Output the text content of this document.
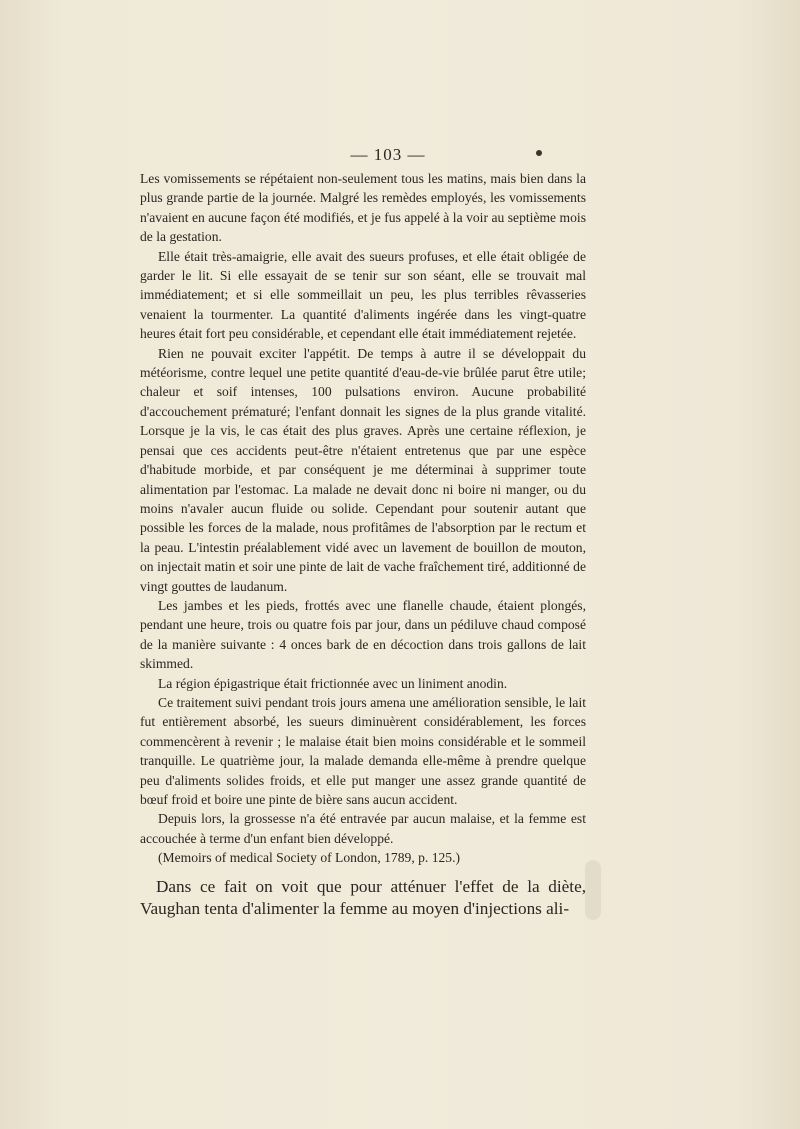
— 103 —

Les vomissements se répétaient non-seulement tous les matins, mais bien dans la plus grande partie de la journée. Malgré les remèdes employés, les vomissements n'avaient en aucune façon été modifiés, et je fus appelé à la voir au septième mois de la gestation.

Elle était très-amaigrie, elle avait des sueurs profuses, et elle était obligée de garder le lit. Si elle essayait de se tenir sur son séant, elle se trouvait mal immédiatement; et si elle sommeillait un peu, les plus terribles rêvasseries venaient la tourmenter. La quantité d'aliments ingérée dans les vingt-quatre heures était fort peu considérable, et cependant elle était immédiatement rejetée.

Rien ne pouvait exciter l'appétit. De temps à autre il se développait du météorisme, contre lequel une petite quantité d'eau-de-vie brûlée parut être utile; chaleur et soif intenses, 100 pulsations environ. Aucune probabilité d'accouchement prématuré; l'enfant donnait les signes de la plus grande vitalité. Lorsque je la vis, le cas était des plus graves. Après une certaine réflexion, je pensai que ces accidents peut-être n'étaient entretenus que par une espèce d'habitude morbide, et par conséquent je me déterminai à supprimer toute alimentation par l'estomac. La malade ne devait donc ni boire ni manger, ou du moins n'avaler aucun fluide ou solide. Cependant pour soutenir autant que possible les forces de la malade, nous profitâmes de l'absorption par le rectum et la peau. L'intestin préalablement vidé avec un lavement de bouillon de mouton, on injectait matin et soir une pinte de lait de vache fraîchement tiré, additionné de vingt gouttes de laudanum.

Les jambes et les pieds, frottés avec une flanelle chaude, étaient plongés, pendant une heure, trois ou quatre fois par jour, dans un pédiluve chaud composé de la manière suivante : 4 onces bark de en décoction dans trois gallons de lait skimmed.

La région épigastrique était frictionnée avec un liniment anodin.

Ce traitement suivi pendant trois jours amena une amélioration sensible, le lait fut entièrement absorbé, les sueurs diminuèrent considérablement, les forces commencèrent à revenir ; le malaise était bien moins considérable et le sommeil tranquille. Le quatrième jour, la malade demanda elle-même à prendre quelque peu d'aliments solides froids, et elle put manger une assez grande quantité de bœuf froid et boire une pinte de bière sans aucun accident.

Depuis lors, la grossesse n'a été entravée par aucun malaise, et la femme est accouchée à terme d'un enfant bien développé.

(Memoirs of medical Society of London, 1789, p. 125.)

Dans ce fait on voit que pour atténuer l'effet de la diète, Vaughan tenta d'alimenter la femme au moyen d'injections ali-
